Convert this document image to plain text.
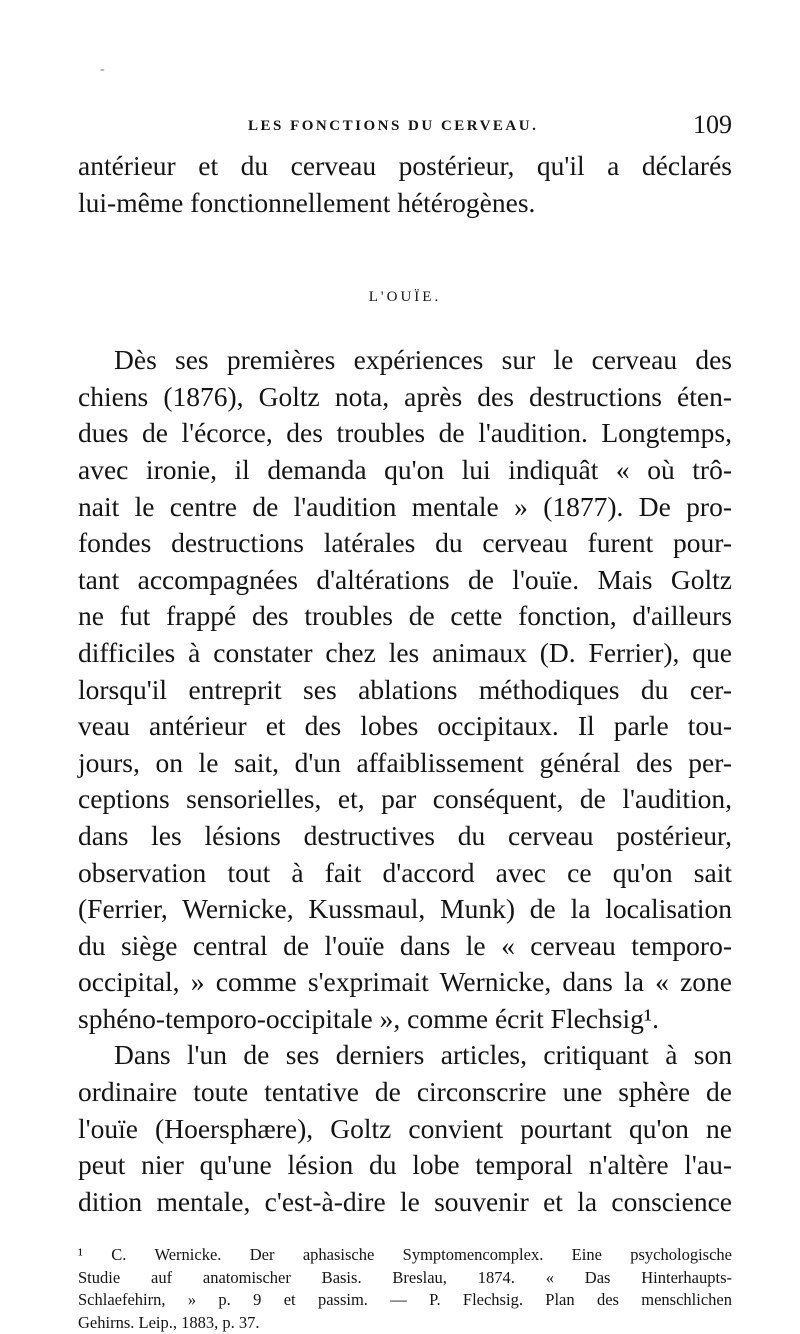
-
LES FONCTIONS DU CERVEAU.	109

antérieur et du cerveau postérieur, qu'il a déclarés
lui-même fonctionnellement hétérogènes.

L'OUÏE.

Dès ses premières expériences sur le cerveau des
chiens (1876), Goltz nota, après des destructions éten-
dues de l'écorce, des troubles de l'audition. Longtemps,
avec ironie, il demanda qu'on lui indiquât « où trô-
nait le centre de l'audition mentale » (1877). De pro-
fondes destructions latérales du cerveau furent pour-
tant accompagnées d'altérations de l'ouïe. Mais Goltz
ne fut frappé des troubles de cette fonction, d'ailleurs
difficiles à constater chez les animaux (D. Ferrier), que
lorsqu'il entreprit ses ablations méthodiques du cer-
veau antérieur et des lobes occipitaux. Il parle tou-
jours, on le sait, d'un affaiblissement général des per-
ceptions sensorielles, et, par conséquent, de l'audition,
dans les lésions destructives du cerveau postérieur,
observation tout à fait d'accord avec ce qu'on sait
(Ferrier, Wernicke, Kussmaul, Munk) de la localisation
du siège central de l'ouïe dans le « cerveau temporo-
occipital, » comme s'exprimait Wernicke, dans la « zone
sphéno-temporo-occipitale », comme écrit Flechsig¹.

Dans l'un de ses derniers articles, critiquant à son
ordinaire toute tentative de circonscrire une sphère de
l'ouïe (Hoersphære), Goltz convient pourtant qu'on ne
peut nier qu'une lésion du lobe temporal n'altère l'au-
dition mentale, c'est-à-dire le souvenir et la conscience

¹ C. Wernicke. Der aphasische Symptomencomplex. Eine psychologische
Studie auf anatomischer Basis. Breslau, 1874. « Das Hinterhaupts-
Schlaefehirn, » p. 9 et passim. — P. Flechsig. Plan des menschlichen
Gehirns. Leip., 1883, p. 37.
